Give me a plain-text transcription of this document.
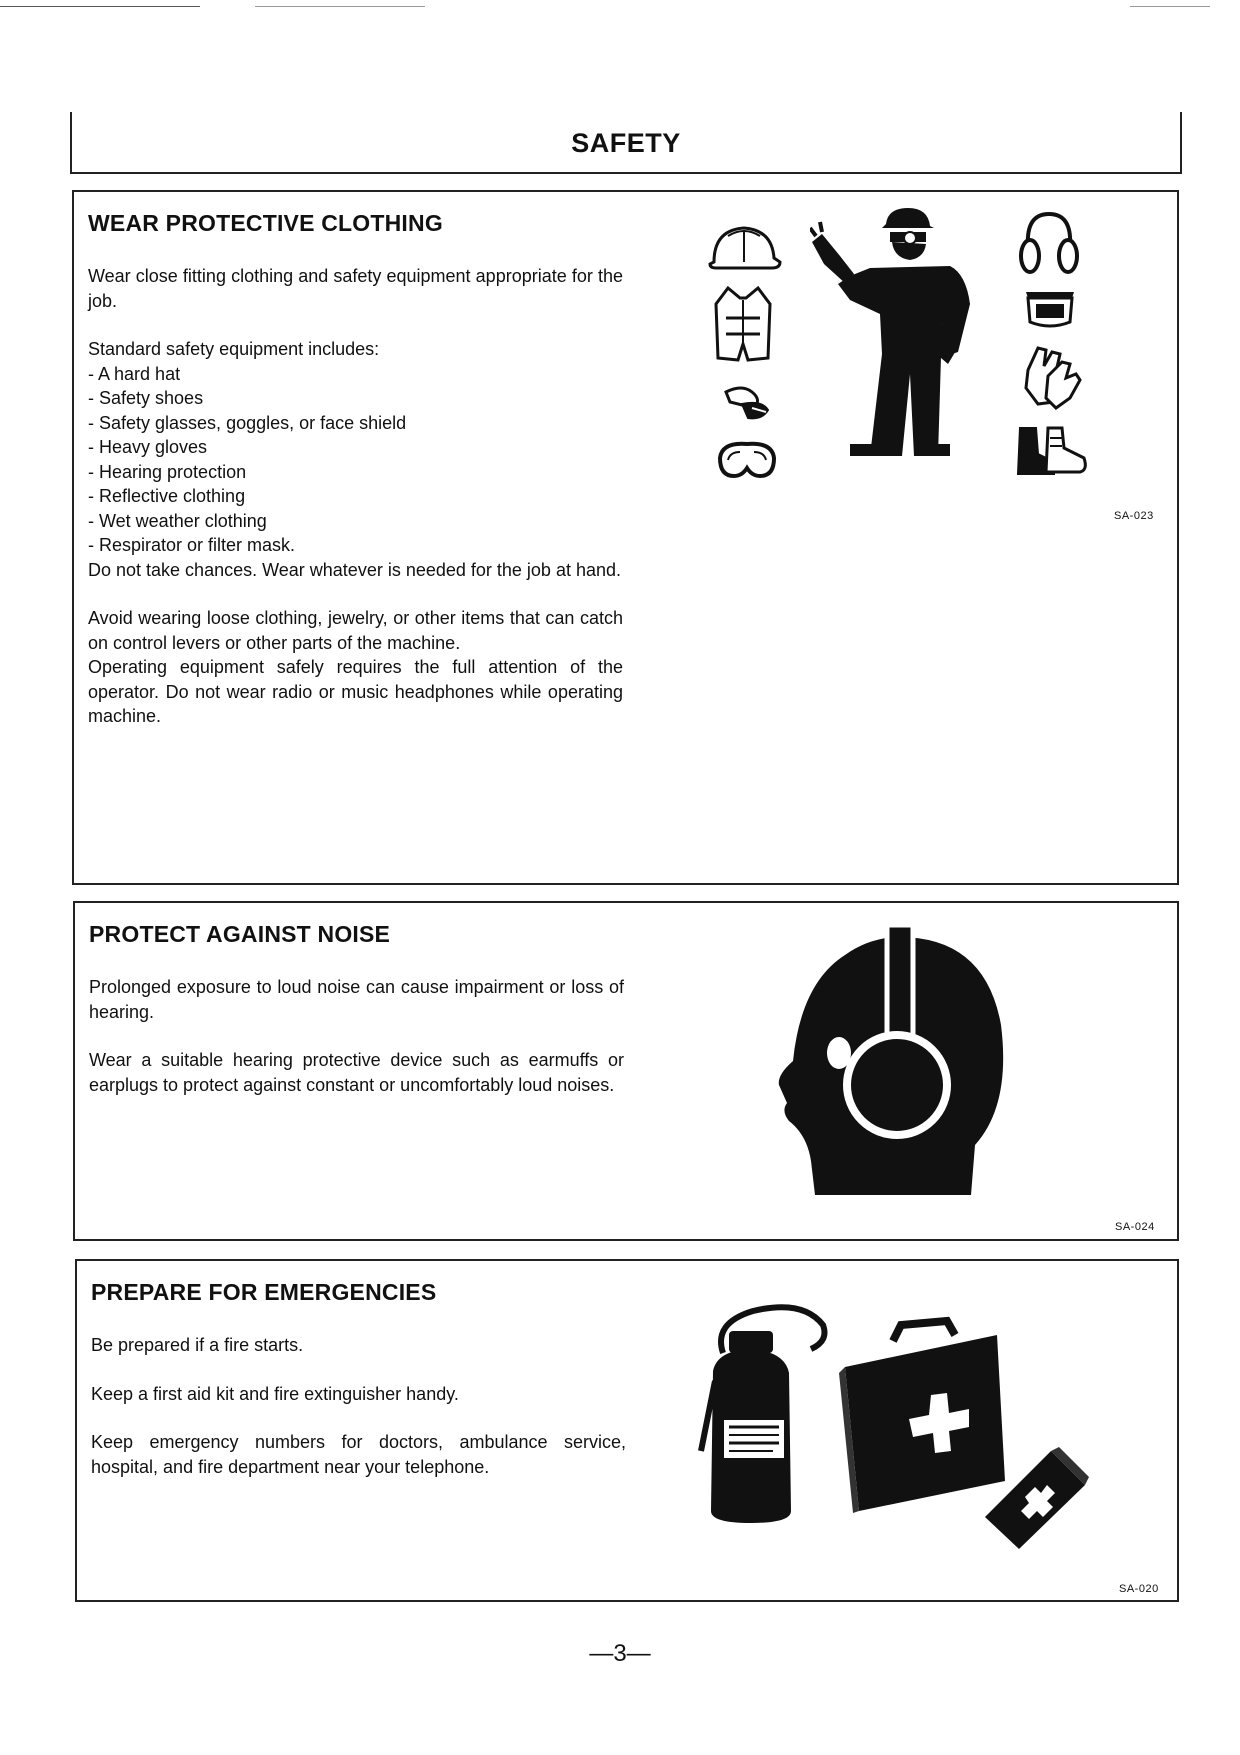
SAFETY
WEAR PROTECTIVE CLOTHING

Wear close fitting clothing and safety equipment appropriate for the job.

Standard safety equipment includes:

- A hard hat
- Safety shoes
- Safety glasses, goggles, or face shield
- Heavy gloves
- Hearing protection
- Reflective clothing
- Wet weather clothing
- Respirator or filter mask.

Do not take chances. Wear whatever is needed for the job at hand.

Avoid wearing loose clothing, jewelry, or other items that can catch on control levers or other parts of the machine.

Operating equipment safely requires the full attention of the operator. Do not wear radio or music headphones while operating machine.

SA-023
PROTECT AGAINST NOISE

Prolonged exposure to loud noise can cause impairment or loss of hearing.

Wear a suitable hearing protective device such as earmuffs or earplugs to protect against constant or uncomfortably loud noises.

SA-024
PREPARE FOR EMERGENCIES

Be prepared if a fire starts.

Keep a first aid kit and fire extinguisher handy.

Keep emergency numbers for doctors, ambulance service, hospital, and fire department near your telephone.

SA-020
—3—
